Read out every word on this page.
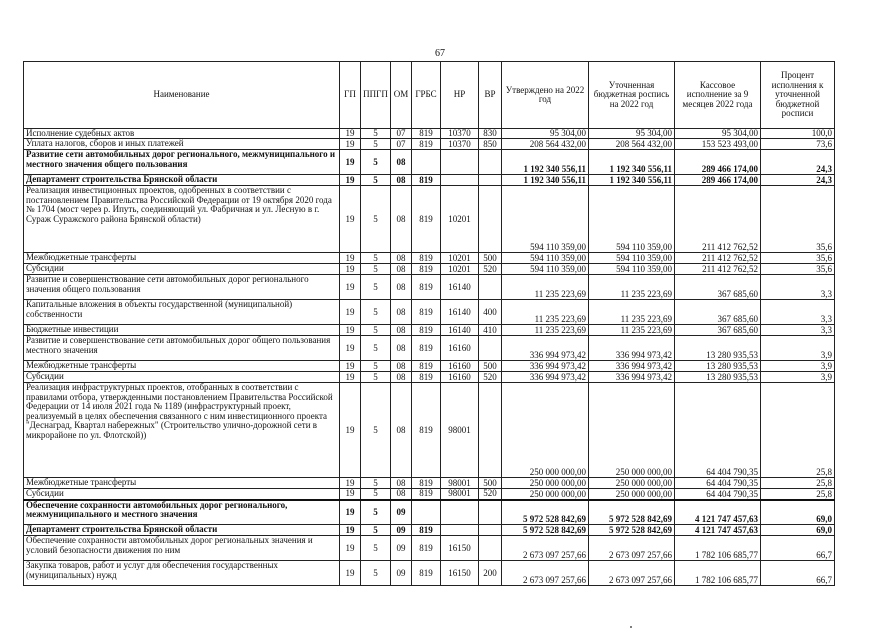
67
Наименование	ГП	ППГП	ОМ	ГРБС	НР	ВР	Утверждено на 2022 год	Уточненная бюджетная роспись на 2022 год	Кассовое исполнение за 9 месяцев 2022 года	Процент исполнения к уточненной бюджетной росписи
Исполнение судебных актов	19	5	07	819	10370	830	95 304,00	95 304,00	95 304,00	100,0
Уплата налогов, сборов и иных платежей	19	5	07	819	10370	850	208 564 432,00	208 564 432,00	153 523 493,00	73,6
Развитие сети автомобильных дорог регионального, межмуниципального и местного значения общего пользования	19	5	08				1 192 340 556,11	1 192 340 556,11	289 466 174,00	24,3
Департамент строительства Брянской области	19	5	08	819			1 192 340 556,11	1 192 340 556,11	289 466 174,00	24,3
Реализация инвестиционных проектов, одобренных в соответствии с постановлением Правительства Российской Федерации от 19 октября 2020 года № 1704 (мост через р. Ипуть, соединяющий ул. Фабричная и ул. Лесную в г. Сураж Суражского района Брянской области)	19	5	08	819	10201		594 110 359,00	594 110 359,00	211 412 762,52	35,6
Межбюджетные трансферты	19	5	08	819	10201	500	594 110 359,00	594 110 359,00	211 412 762,52	35,6
Субсидии	19	5	08	819	10201	520	594 110 359,00	594 110 359,00	211 412 762,52	35,6
Развитие и совершенствование сети автомобильных дорог регионального значения общего пользования	19	5	08	819	16140		11 235 223,69	11 235 223,69	367 685,60	3,3
Капитальные вложения в объекты государственной (муниципальной) собственности	19	5	08	819	16140	400	11 235 223,69	11 235 223,69	367 685,60	3,3
Бюджетные инвестиции	19	5	08	819	16140	410	11 235 223,69	11 235 223,69	367 685,60	3,3
Развитие и совершенствование сети автомобильных дорог общего пользования местного значения	19	5	08	819	16160		336 994 973,42	336 994 973,42	13 280 935,53	3,9
Межбюджетные трансферты	19	5	08	819	16160	500	336 994 973,42	336 994 973,42	13 280 935,53	3,9
Субсидии	19	5	08	819	16160	520	336 994 973,42	336 994 973,42	13 280 935,53	3,9
Реализация инфраструктурных проектов, отобранных в соответствии с правилами отбора, утвержденными постановлением Правительства Российской Федерации от 14 июля 2021 года № 1189 (инфраструктурный проект, реализуемый в целях обеспечения связанного с ним инвестиционного проекта "Деснаград, Квартал набережных" (Строительство улично-дорожной сети в микрорайоне по ул. Флотской))	19	5	08	819	98001		250 000 000,00	250 000 000,00	64 404 790,35	25,8
Межбюджетные трансферты	19	5	08	819	98001	500	250 000 000,00	250 000 000,00	64 404 790,35	25,8
Субсидии	19	5	08	819	98001	520	250 000 000,00	250 000 000,00	64 404 790,35	25,8
Обеспечение сохранности автомобильных дорог регионального, межмуниципального и местного значения	19	5	09				5 972 528 842,69	5 972 528 842,69	4 121 747 457,63	69,0
Департамент строительства Брянской области	19	5	09	819			5 972 528 842,69	5 972 528 842,69	4 121 747 457,63	69,0
Обеспечение сохранности автомобильных дорог региональных значения и условий безопасности движения по ним	19	5	09	819	16150		2 673 097 257,66	2 673 097 257,66	1 782 106 685,77	66,7
Закупка товаров, работ и услуг для обеспечения государственных (муниципальных) нужд	19	5	09	819	16150	200	2 673 097 257,66	2 673 097 257,66	1 782 106 685,77	66,7
